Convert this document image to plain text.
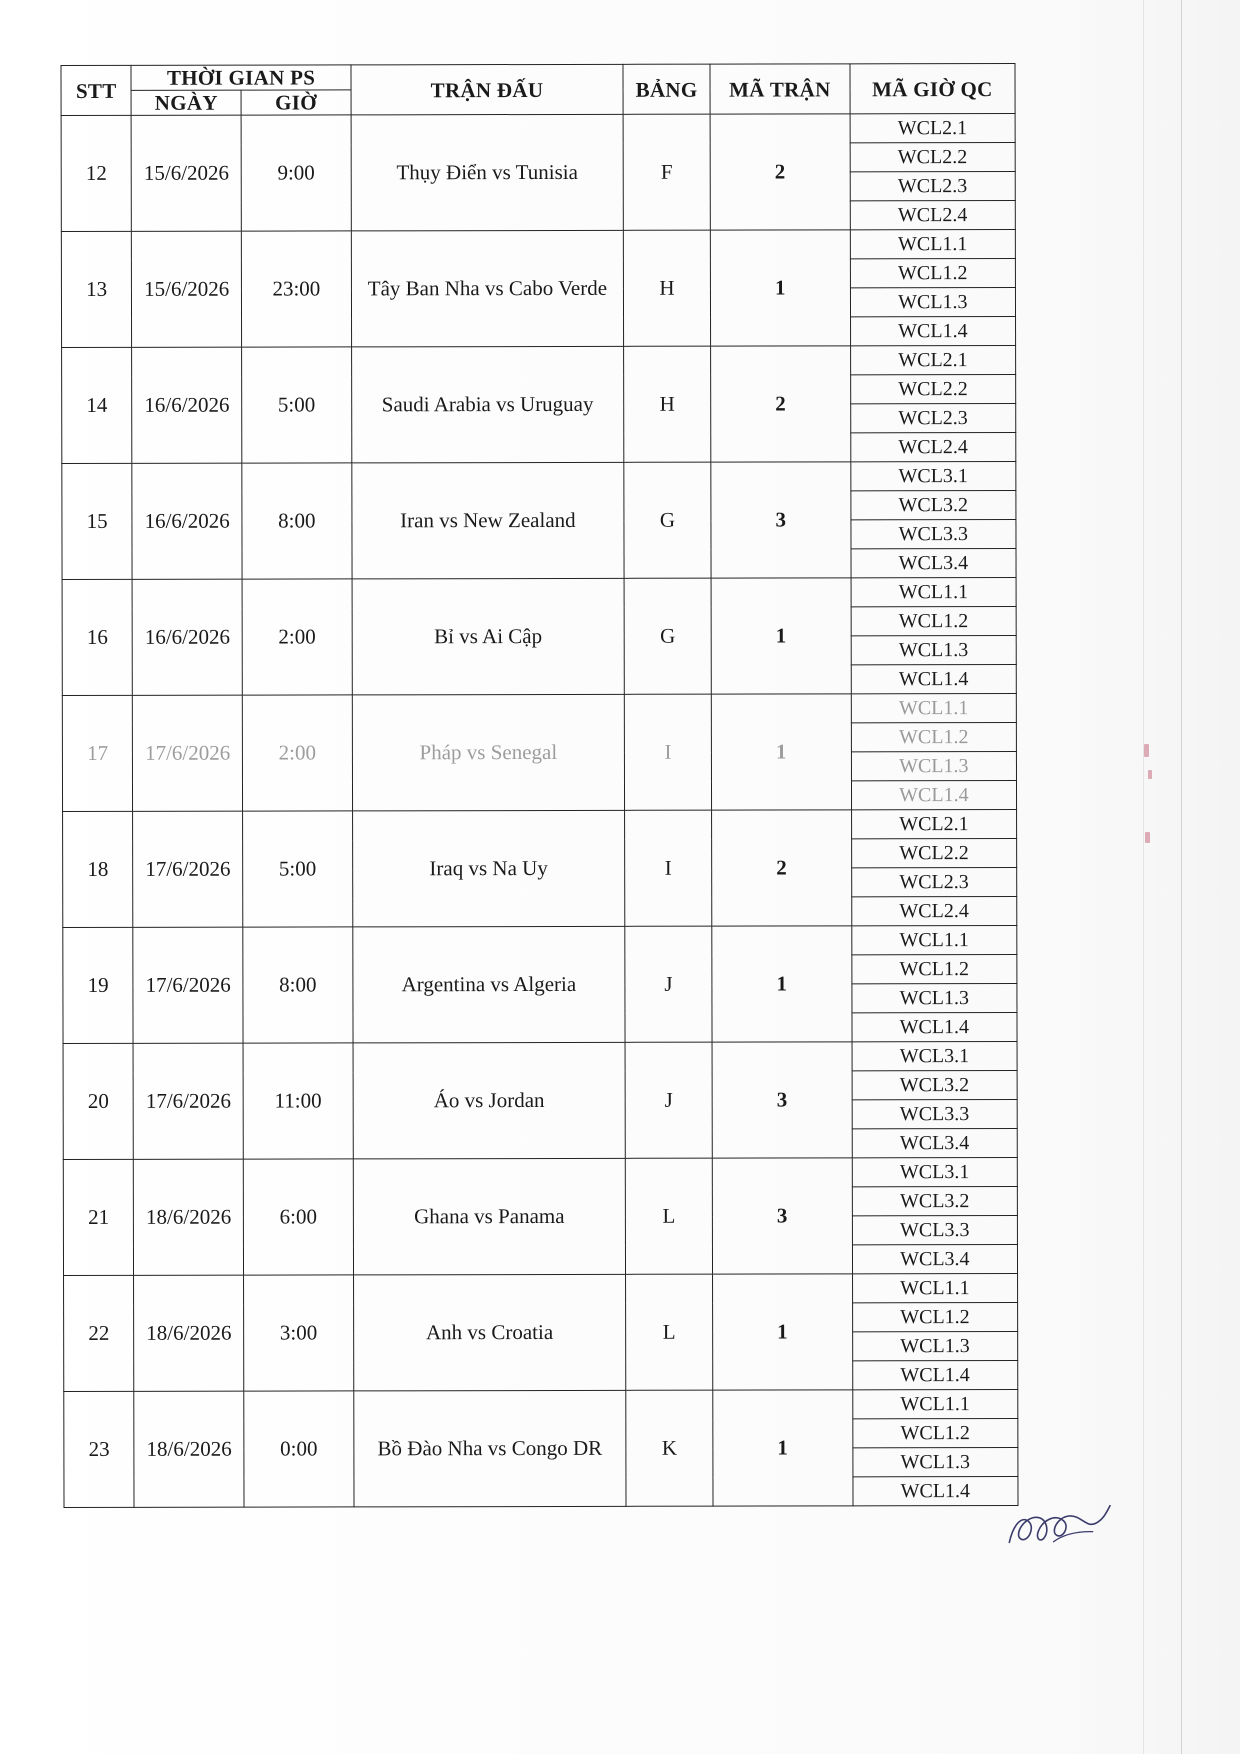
STT	THỜI GIAN PS		TRẬN ĐẤU	BẢNG	MÃ TRẬN	MÃ GIỜ QC
	NGÀY	GIỜ				
12	15/6/2026	9:00	Thụy Điển vs Tunisia	F	2	WCL2.1
						WCL2.2
						WCL2.3
						WCL2.4
13	15/6/2026	23:00	Tây Ban Nha vs Cabo Verde	H	1	WCL1.1
						WCL1.2
						WCL1.3
						WCL1.4
14	16/6/2026	5:00	Saudi Arabia vs Uruguay	H	2	WCL2.1
						WCL2.2
						WCL2.3
						WCL2.4
15	16/6/2026	8:00	Iran vs New Zealand	G	3	WCL3.1
						WCL3.2
						WCL3.3
						WCL3.4
16	16/6/2026	2:00	Bỉ vs Ai Cập	G	1	WCL1.1
						WCL1.2
						WCL1.3
						WCL1.4
17	17/6/2026	2:00	Pháp vs Senegal	I	1	WCL1.1
						WCL1.2
						WCL1.3
						WCL1.4
18	17/6/2026	5:00	Iraq vs Na Uy	I	2	WCL2.1
						WCL2.2
						WCL2.3
						WCL2.4
19	17/6/2026	8:00	Argentina vs Algeria	J	1	WCL1.1
						WCL1.2
						WCL1.3
						WCL1.4
20	17/6/2026	11:00	Áo vs Jordan	J	3	WCL3.1
						WCL3.2
						WCL3.3
						WCL3.4
21	18/6/2026	6:00	Ghana vs Panama	L	3	WCL3.1
						WCL3.2
						WCL3.3
						WCL3.4
22	18/6/2026	3:00	Anh vs Croatia	L	1	WCL1.1
						WCL1.2
						WCL1.3
						WCL1.4
23	18/6/2026	0:00	Bồ Đào Nha vs Congo DR	K	1	WCL1.1
						WCL1.2
						WCL1.3
						WCL1.4
